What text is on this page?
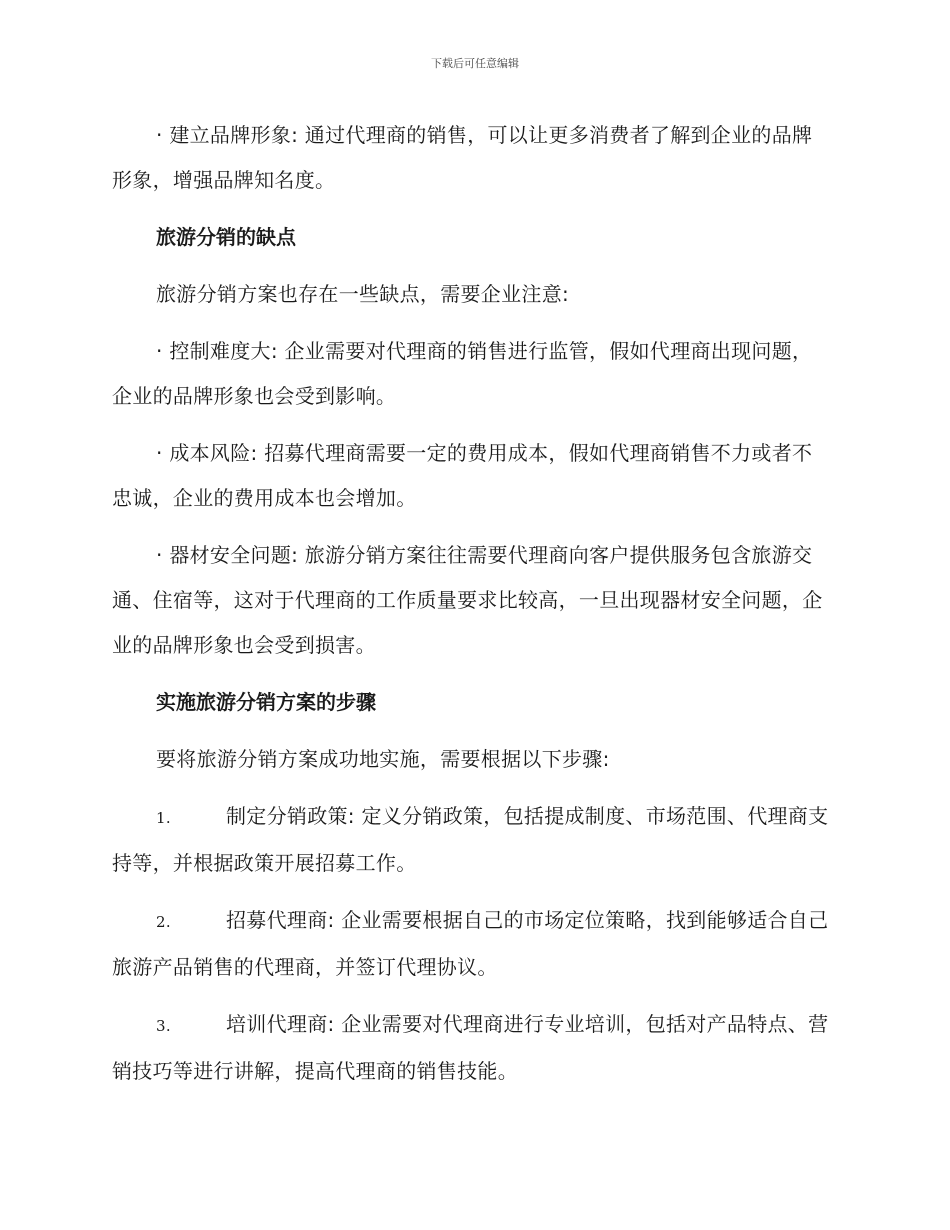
下载后可任意编辑

· 建立品牌形象: 通过代理商的销售，可以让更多消费者了解到企业的品牌形象，增强品牌知名度。

旅游分销的缺点

旅游分销方案也存在一些缺点，需要企业注意:

· 控制难度大: 企业需要对代理商的销售进行监管，假如代理商出现问题，企业的品牌形象也会受到影响。

· 成本风险: 招募代理商需要一定的费用成本，假如代理商销售不力或者不忠诚，企业的费用成本也会增加。

· 器材安全问题: 旅游分销方案往往需要代理商向客户提供服务包含旅游交通、住宿等，这对于代理商的工作质量要求比较高，一旦出现器材安全问题，企业的品牌形象也会受到损害。

实施旅游分销方案的步骤

要将旅游分销方案成功地实施，需要根据以下步骤:

1.	制定分销政策: 定义分销政策，包括提成制度、市场范围、代理商支持等，并根据政策开展招募工作。

2.	招募代理商: 企业需要根据自己的市场定位策略，找到能够适合自己旅游产品销售的代理商，并签订代理协议。

3.	培训代理商: 企业需要对代理商进行专业培训，包括对产品特点、营销技巧等进行讲解，提高代理商的销售技能。
